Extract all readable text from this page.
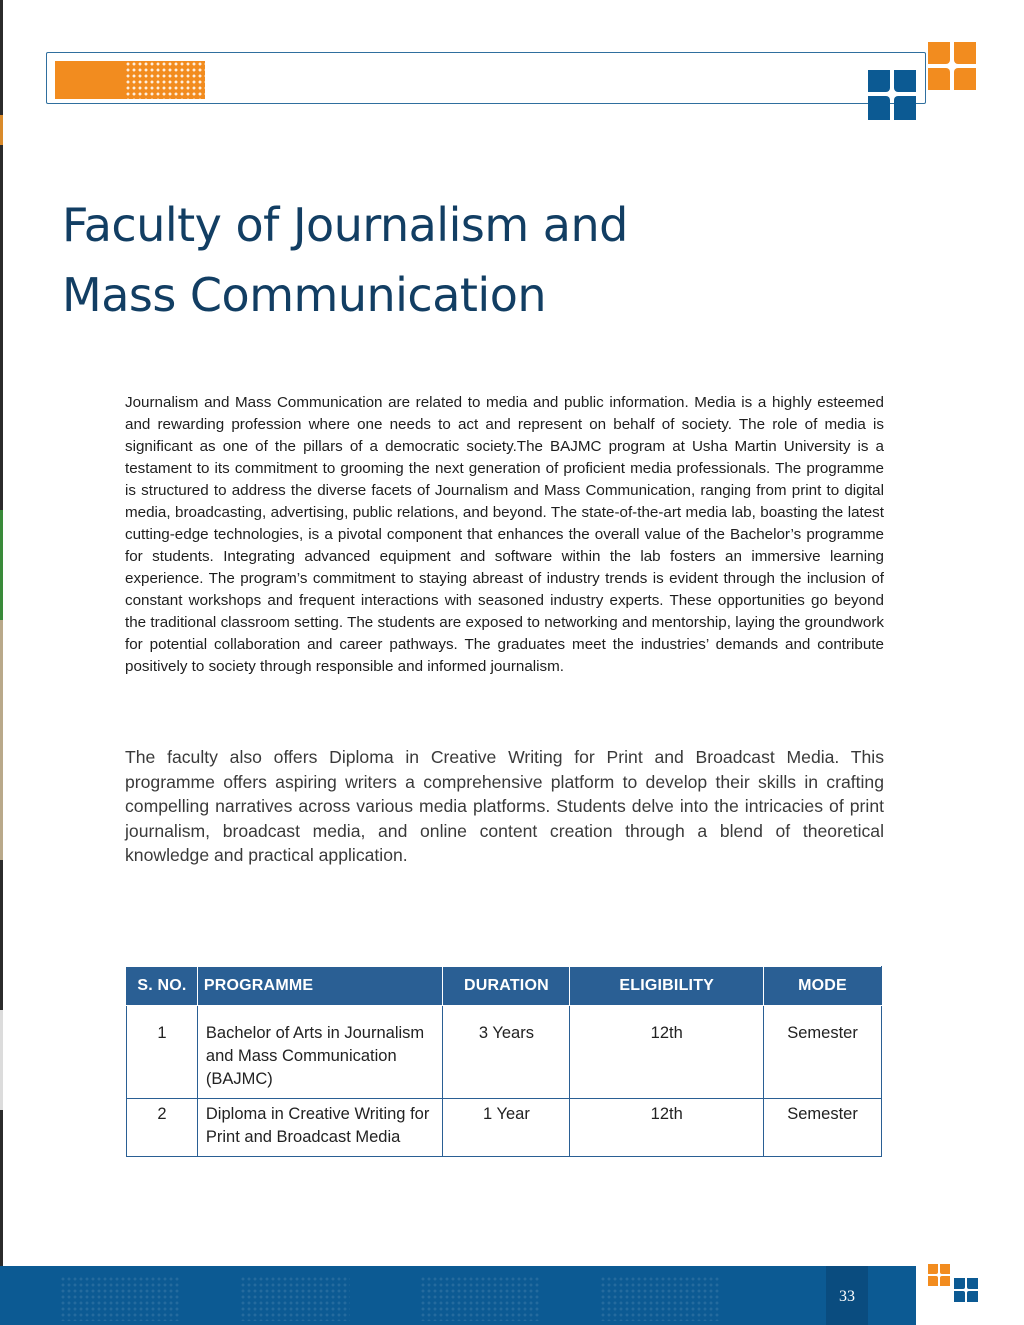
Faculty of Journalism and
Mass Communication

Journalism and Mass Communication are related to media and public information. Media is a highly esteemed and rewarding profession where one needs to act and represent on behalf of society. The role of media is significant as one of the pillars of a democratic society.The BAJMC program at Usha Martin University is a testament to its commitment to grooming the next generation of proficient media professionals. The programme is structured to address the diverse facets of Journalism and Mass Communication, ranging from print to digital media, broadcasting, advertising, public relations, and beyond. The state-of-the-art media lab, boasting the latest cutting-edge technologies, is a pivotal component that enhances the overall value of the Bachelor’s programme for students. Integrating advanced equipment and software within the lab fosters an immersive learning experience. The program’s commitment to staying abreast of industry trends is evident through the inclusion of constant workshops and frequent interactions with seasoned industry experts. These opportunities go beyond the traditional classroom setting. The students are exposed to networking and mentorship, laying the groundwork for potential collaboration and career pathways. The graduates meet the industries’ demands and contribute positively to society through responsible and informed journalism.

The faculty also offers Diploma in Creative Writing for Print and Broadcast Media. This programme offers aspiring writers a comprehensive platform to develop their skills in crafting compelling narratives across various media platforms. Students delve into the intricacies of print journalism, broadcast media, and online content creation through a blend of theoretical knowledge and practical application.

S. NO.	PROGRAMME	DURATION	ELIGIBILITY	MODE
1	Bachelor of Arts in Journalism and Mass Communication (BAJMC)	3 Years	12th	Semester
2	Diploma in Creative Writing for Print and Broadcast Media	1 Year	12th	Semester
33
